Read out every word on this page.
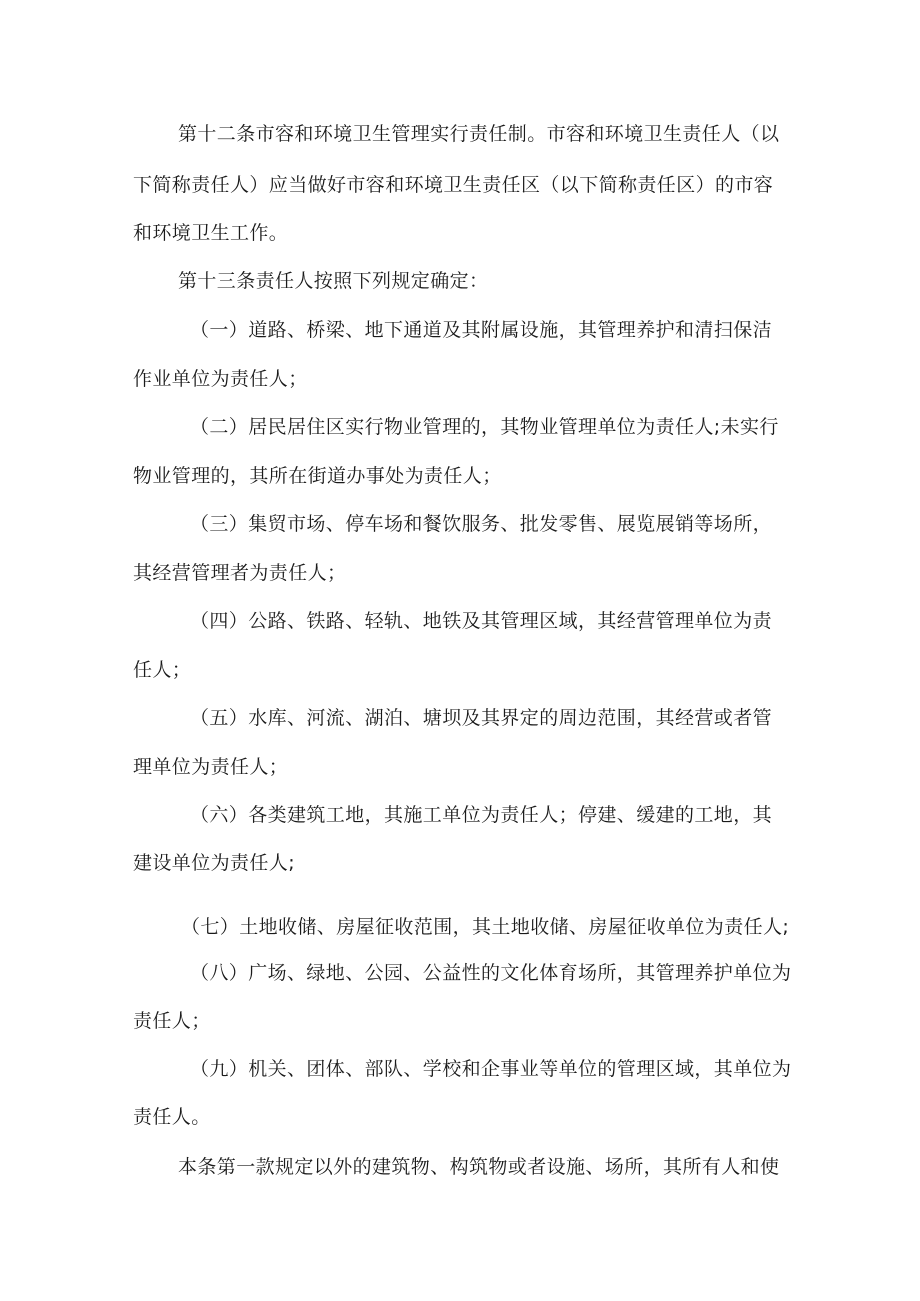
第十二条市容和环境卫生管理实行责任制。市容和环境卫生责任人（以
下简称责任人）应当做好市容和环境卫生责任区（以下简称责任区）的市容
和环境卫生工作。
第十三条责任人按照下列规定确定：
（一）道路、桥梁、地下通道及其附属设施，其管理养护和清扫保洁
作业单位为责任人；
（二）居民居住区实行物业管理的，其物业管理单位为责任人;未实行
物业管理的，其所在街道办事处为责任人；
（三）集贸市场、停车场和餐饮服务、批发零售、展览展销等场所，
其经营管理者为责任人；
（四）公路、铁路、轻轨、地铁及其管理区域，其经营管理单位为责
任人；
（五）水库、河流、湖泊、塘坝及其界定的周边范围，其经营或者管
理单位为责任人；
（六）各类建筑工地，其施工单位为责任人；停建、缓建的工地，其
建设单位为责任人;
（七）土地收储、房屋征收范围，其土地收储、房屋征收单位为责任人;
（八）广场、绿地、公园、公益性的文化体育场所，其管理养护单位为
责任人；
（九）机关、团体、部队、学校和企事业等单位的管理区域，其单位为
责任人。
本条第一款规定以外的建筑物、构筑物或者设施、场所，其所有人和使
